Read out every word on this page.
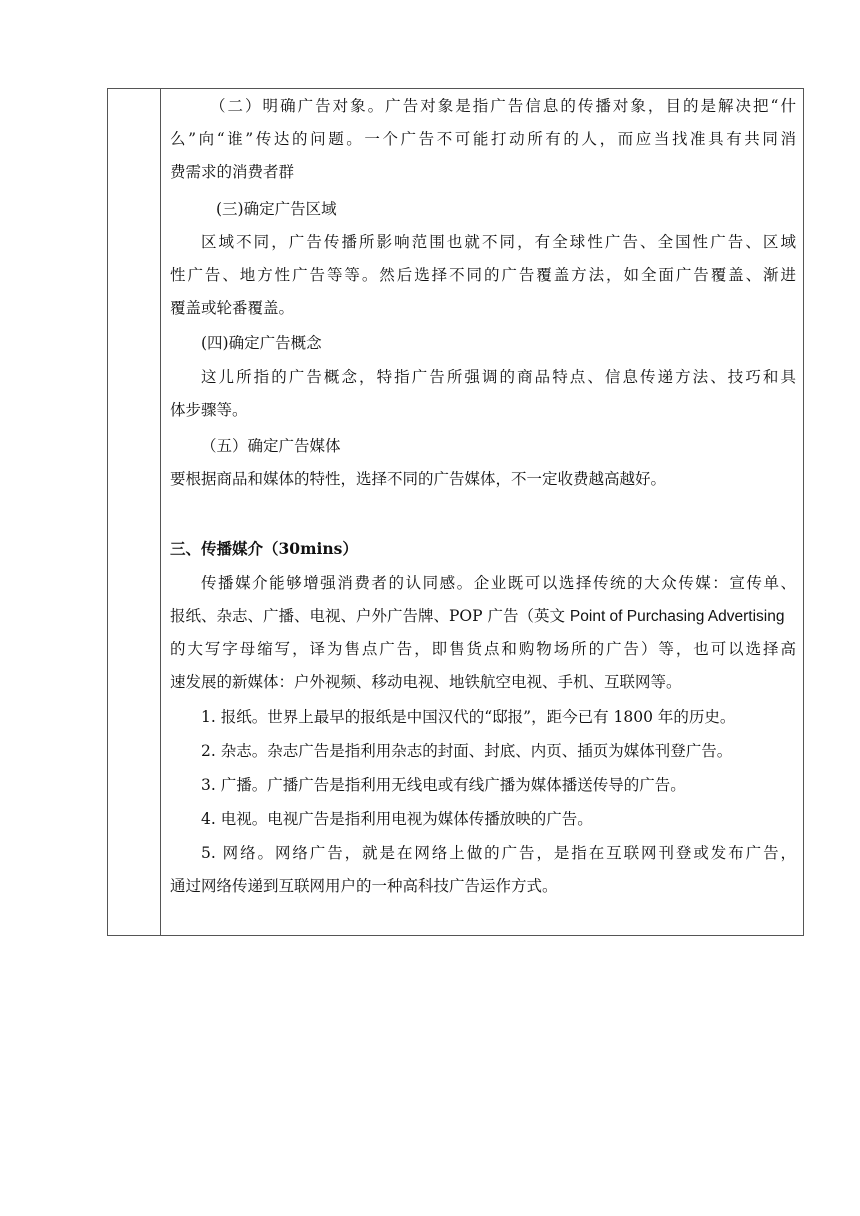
（二）明确广告对象。广告对象是指广告信息的传播对象，目的是解决把“什
么”向“谁”传达的问题。一个广告不可能打动所有的人，而应当找准具有共同消
费需求的消费者群
(三)确定广告区域
区域不同，广告传播所影响范围也就不同，有全球性广告、全国性广告、区域
性广告、地方性广告等等。然后选择不同的广告覆盖方法，如全面广告覆盖、渐进
覆盖或轮番覆盖。
(四)确定广告概念
这儿所指的广告概念，特指广告所强调的商品特点、信息传递方法、技巧和具
体步骤等。
（五）确定广告媒体
要根据商品和媒体的特性，选择不同的广告媒体，不一定收费越高越好。
三、传播媒介（30mins）
传播媒介能够增强消费者的认同感。企业既可以选择传统的大众传媒：宣传单、
报纸、杂志、广播、电视、户外广告牌、POP 广告（英文 Point of Purchasing Advertising
的大写字母缩写，译为售点广告，即售货点和购物场所的广告）等，也可以选择高
速发展的新媒体：户外视频、移动电视、地铁航空电视、手机、互联网等。
1. 报纸。世界上最早的报纸是中国汉代的“邸报”，距今已有 1800 年的历史。
2. 杂志。杂志广告是指利用杂志的封面、封底、内页、插页为媒体刊登广告。
3. 广播。广播广告是指利用无线电或有线广播为媒体播送传导的广告。
4. 电视。电视广告是指利用电视为媒体传播放映的广告。
5. 网络。网络广告，就是在网络上做的广告，是指在互联网刊登或发布广告，
通过网络传递到互联网用户的一种高科技广告运作方式。
